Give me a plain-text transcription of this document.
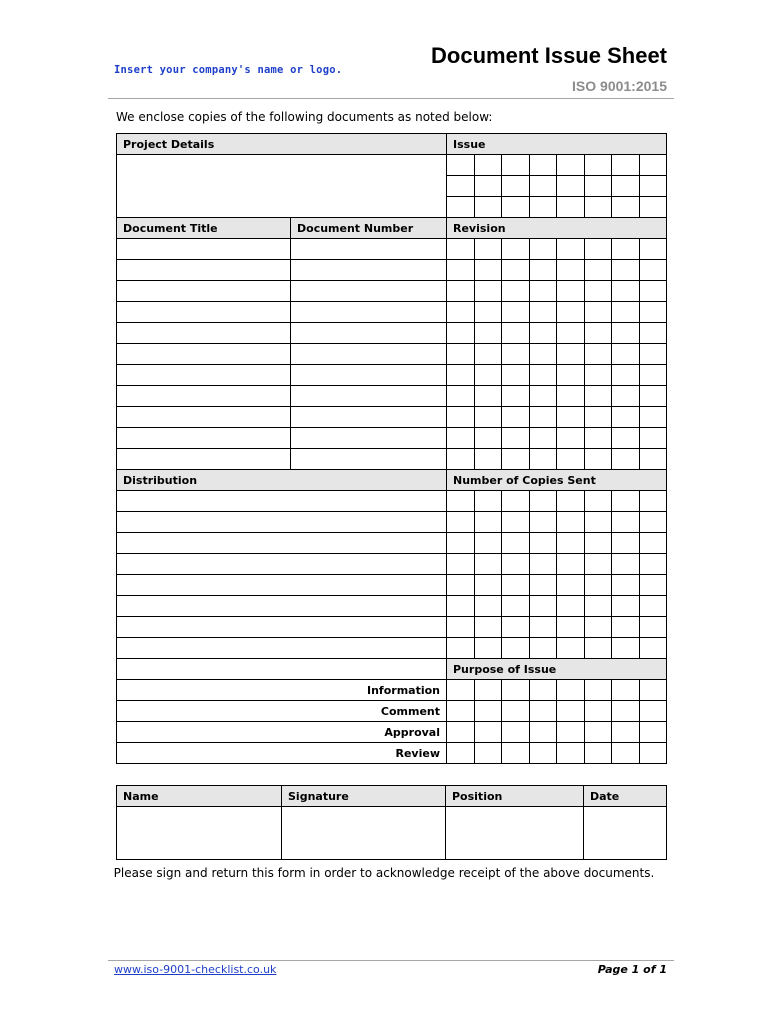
Insert your company's name or logo.
Document Issue Sheet
ISO 9001:2015
We enclose copies of the following documents as noted below:
Project Details		Issue							

Document Title	Document Number	Revision							

Distribution		Number of Copies Sent							

		Purpose of Issue							
Information									
Comment									
Approval									
Review									
Name	Signature	Position	Date

Please sign and return this form in order to acknowledge receipt of the above documents.
www.iso-9001-checklist.co.uk	Page 1 of 1
